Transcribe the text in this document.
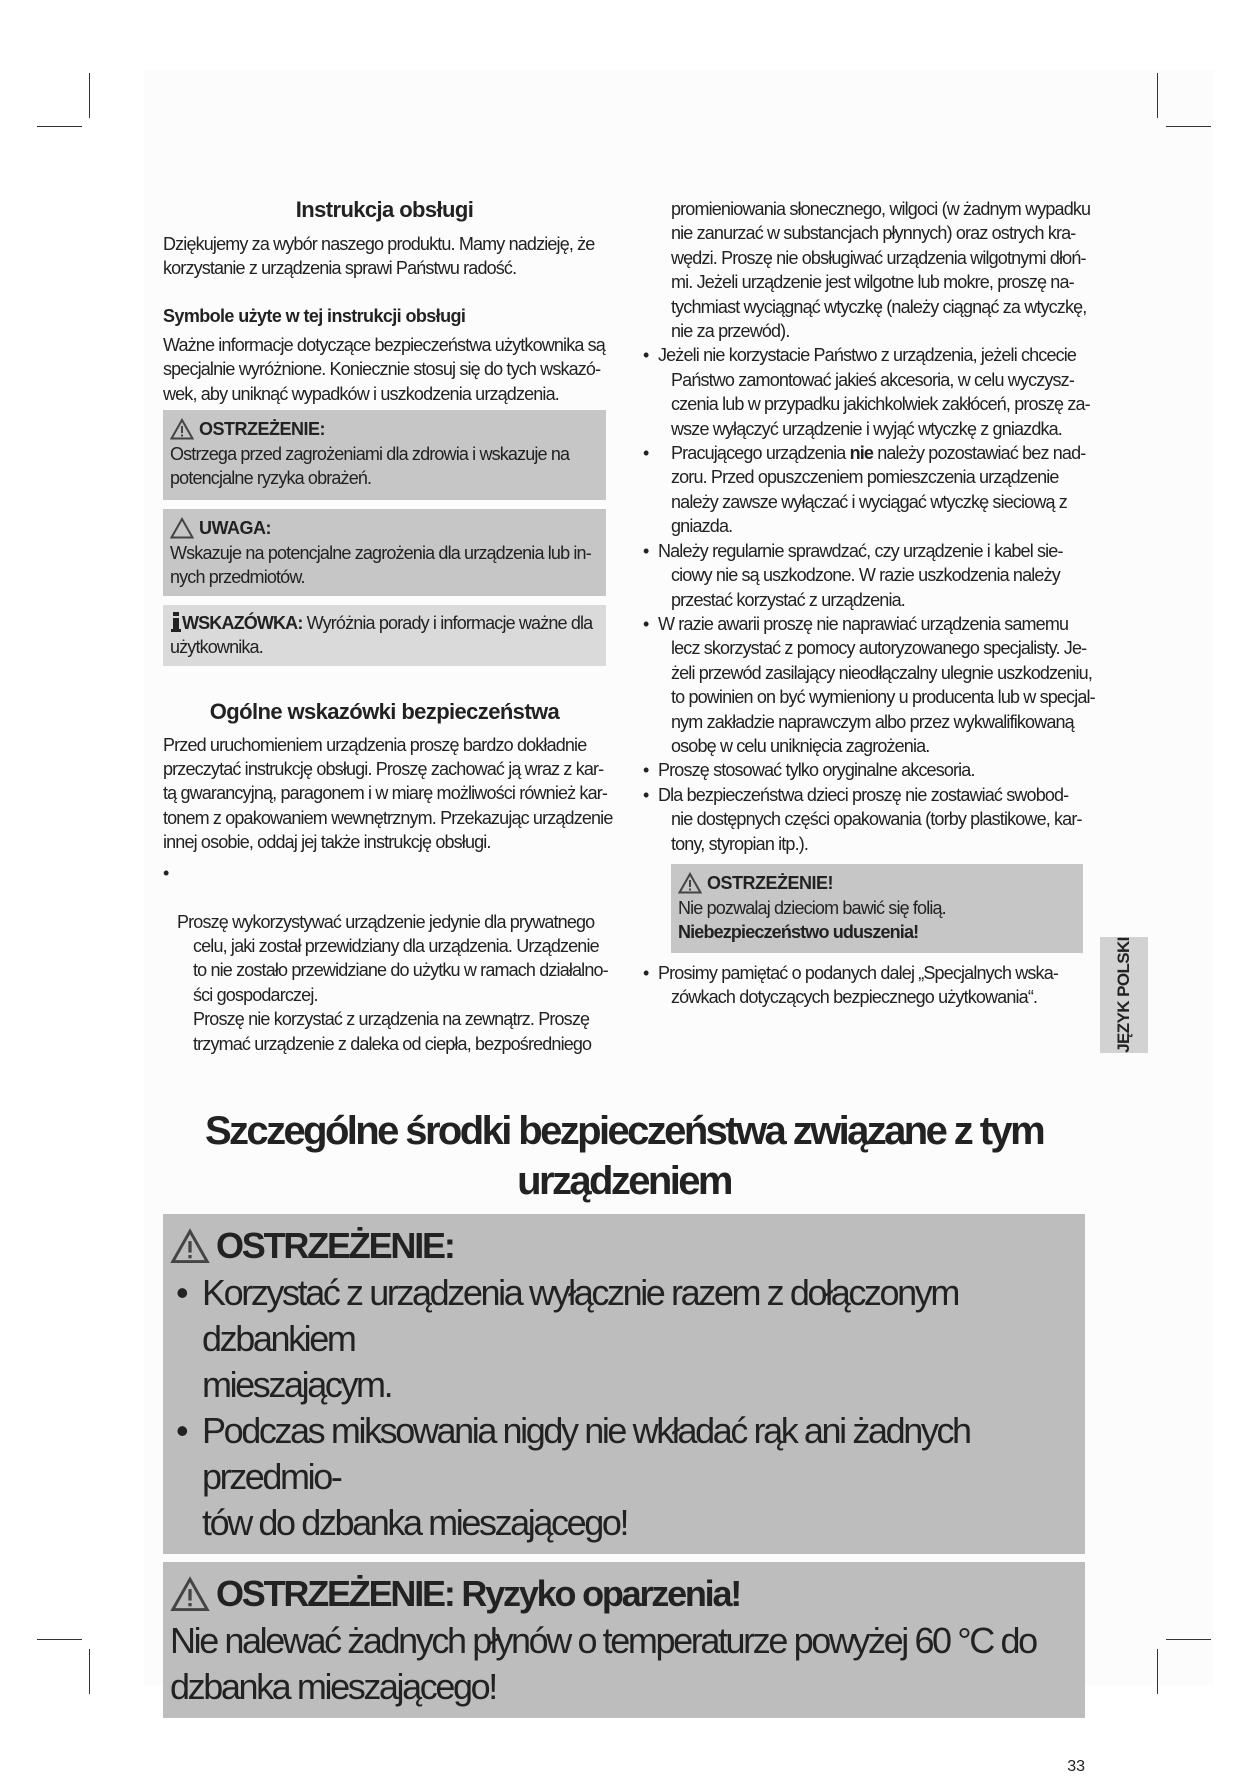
JĘZYK POLSKI
Instrukcja obsługi
Dziękujemy za wybór naszego produktu. Mamy nadzieję, że
korzystanie z urządzenia sprawi Państwu radość.
Symbole użyte w tej instrukcji obsługi
Ważne informacje dotyczące bezpieczeństwa użytkownika są
specjalnie wyróżnione. Koniecznie stosuj się do tych wskazó-
wek, aby uniknąć wypadków i uszkodzenia urządzenia.
OSTRZEŻENIE:
Ostrzega przed zagrożeniami dla zdrowia i wskazuje na
potencjalne ryzyka obrażeń.
UWAGA:
Wskazuje na potencjalne zagrożenia dla urządzenia lub in-
nych przedmiotów.
WSKAZÓWKA: Wyróżnia porady i informacje ważne dla
użytkownika.
Ogólne wskazówki bezpieczeństwa
Przed uruchomieniem urządzenia proszę bardzo dokładnie
przeczytać instrukcję obsługi. Proszę zachować ją wraz z kar-
tą gwarancyjną, paragonem i w miarę możliwości również kar-
tonem z opakowaniem wewnętrznym. Przekazując urządzenie
innej osobie, oddaj jej także instrukcję obsługi.

•

Proszę wykorzystywać urządzenie jedynie dla prywatnego
celu, jaki został przewidziany dla urządzenia. Urządzenie
to nie zostało przewidziane do użytku w ramach działalno-
ści gospodarczej.
Proszę nie korzystać z urządzenia na zewnątrz. Proszę
trzymać urządzenie z daleka od ciepła, bezpośredniego

promieniowania słonecznego, wilgoci (w żadnym wypadku
nie zanurzać w substancjach płynnych) oraz ostrych kra-
wędzi. Proszę nie obsługiwać urządzenia wilgotnymi dłoń-
mi. Jeżeli urządzenie jest wilgotne lub mokre, proszę na-
tychmiast wyciągnąć wtyczkę (należy ciągnąć za wtyczkę,
nie za przewód).
• Jeżeli nie korzystacie Państwo z urządzenia, jeżeli chcecie
Państwo zamontować jakieś akcesoria, w celu wyczysz-
czenia lub w przypadku jakichkolwiek zakłóceń, proszę za-
wsze wyłączyć urządzenie i wyjąć wtyczkę z gniazdka.
• Pracującego urządzenia nie należy pozostawiać bez nad-
zoru. Przed opuszczeniem pomieszczenia urządzenie
należy zawsze wyłączać i wyciągać wtyczkę sieciową z
gniazda.
• Należy regularnie sprawdzać, czy urządzenie i kabel sie-
ciowy nie są uszkodzone. W razie uszkodzenia należy
przestać korzystać z urządzenia.
• W razie awarii proszę nie naprawiać urządzenia samemu
lecz skorzystać z pomocy autoryzowanego specjalisty. Je-
żeli przewód zasilający nieodłączalny ulegnie uszkodzeniu,
to powinien on być wymieniony u producenta lub w specjal-
nym zakładzie naprawczym albo przez wykwalifikowaną
osobę w celu uniknięcia zagrożenia.
• Proszę stosować tylko oryginalne akcesoria.
• Dla bezpieczeństwa dzieci proszę nie zostawiać swobod-
nie dostępnych części opakowania (torby plastikowe, kar-
tony, styropian itp.).
OSTRZEŻENIE!
Nie pozwalaj dzieciom bawić się folią.
Niebezpieczeństwo uduszenia!
• Prosimy pamiętać o podanych dalej „Specjalnych wska-
zówkach dotyczących bezpiecznego użytkowania“.
Szczególne środki bezpieczeństwa związane z tym
urządzeniem
OSTRZEŻENIE:
• Korzystać z urządzenia wyłącznie razem z dołączonym dzbankiem
mieszającym.
• Podczas miksowania nigdy nie wkładać rąk ani żadnych przedmio-
tów do dzbanka mieszającego!
OSTRZEŻENIE: Ryzyko oparzenia!
Nie nalewać żadnych płynów o temperaturze powyżej 60 °C do
dzbanka mieszającego!
33
